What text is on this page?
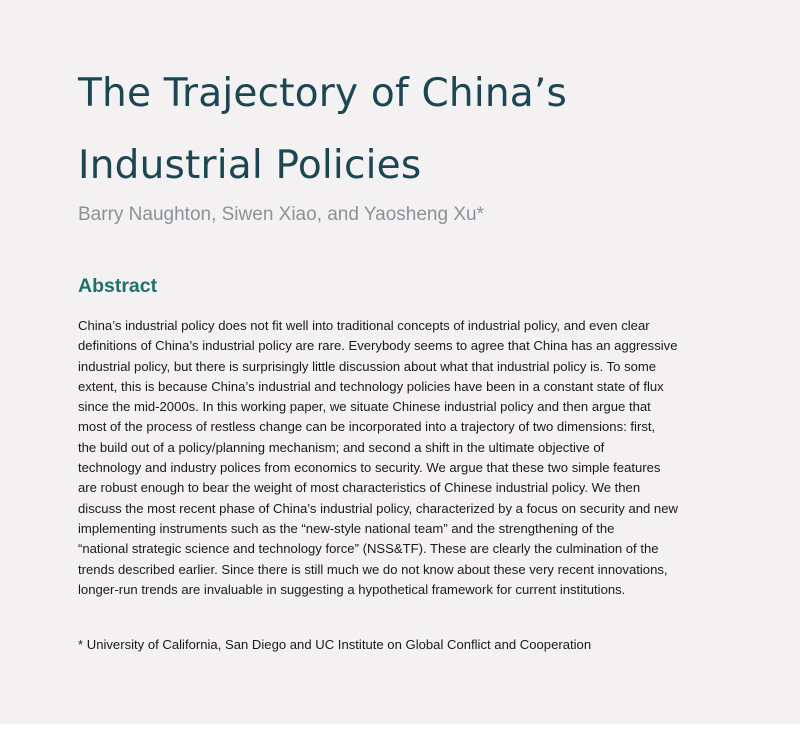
The Trajectory of China’s
Industrial Policies

Barry Naughton, Siwen Xiao, and Yaosheng Xu*

Abstract

China’s industrial policy does not fit well into traditional concepts of industrial policy, and even clear
definitions of China’s industrial policy are rare. Everybody seems to agree that China has an aggressive
industrial policy, but there is surprisingly little discussion about what that industrial policy is. To some
extent, this is because China’s industrial and technology policies have been in a constant state of flux
since the mid-2000s. In this working paper, we situate Chinese industrial policy and then argue that
most of the process of restless change can be incorporated into a trajectory of two dimensions: first,
the build out of a policy/planning mechanism; and second a shift in the ultimate objective of
technology and industry polices from economics to security. We argue that these two simple features
are robust enough to bear the weight of most characteristics of Chinese industrial policy. We then
discuss the most recent phase of China’s industrial policy, characterized by a focus on security and new
implementing instruments such as the “new-style national team” and the strengthening of the
“national strategic science and technology force” (NSS&TF). These are clearly the culmination of the
trends described earlier. Since there is still much we do not know about these very recent innovations,
longer-run trends are invaluable in suggesting a hypothetical framework for current institutions.

* University of California, San Diego and UC Institute on Global Conflict and Cooperation
